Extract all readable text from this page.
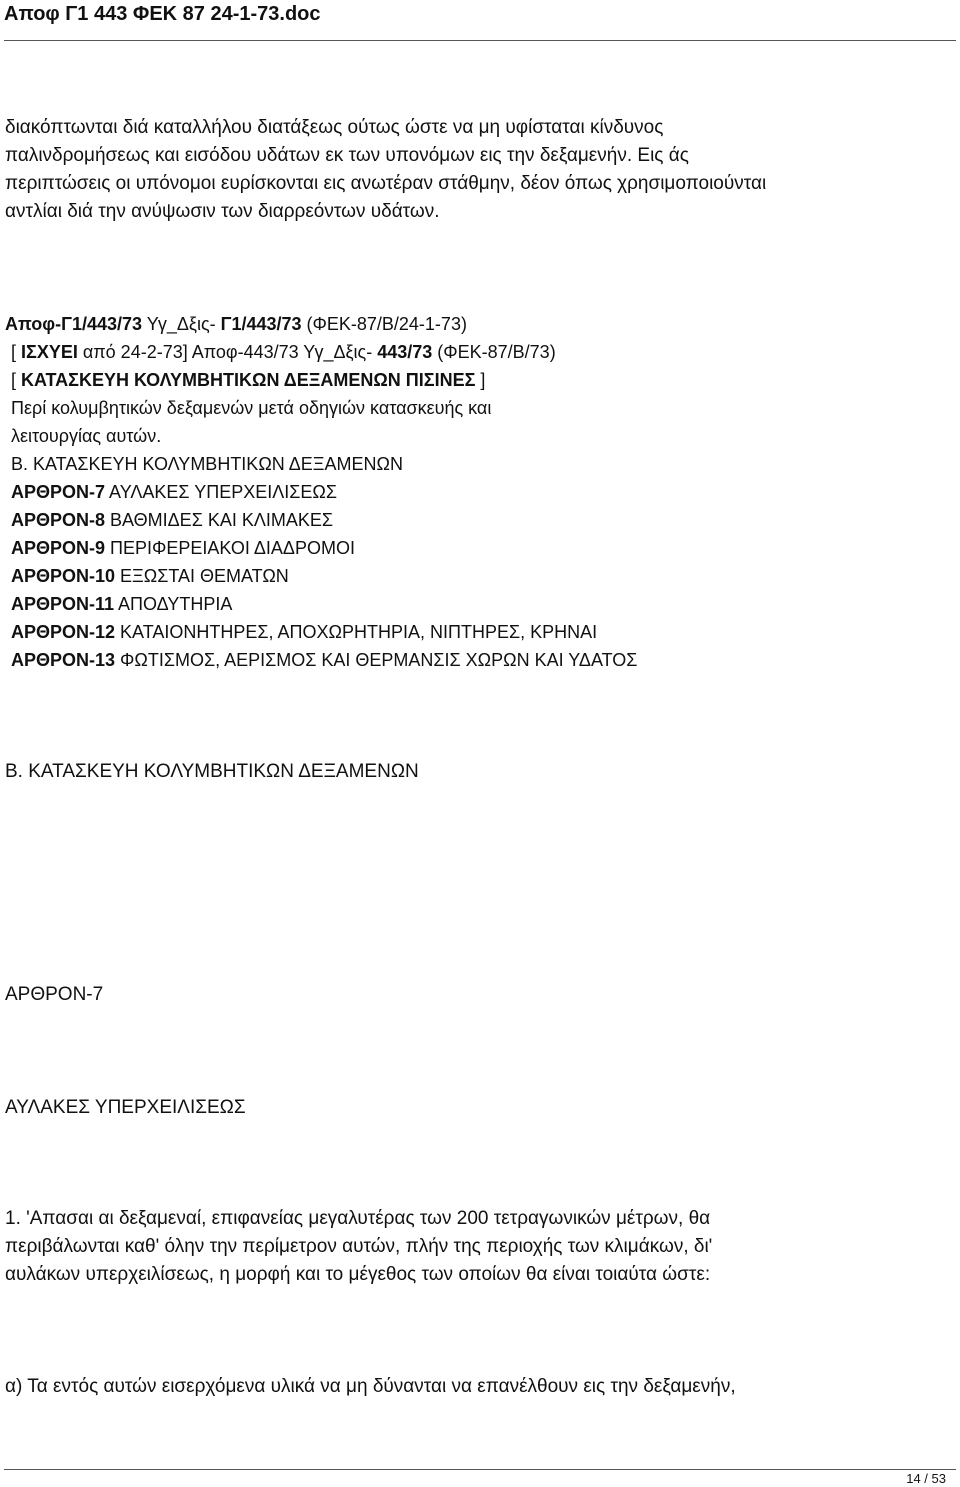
Αποφ Γ1 443 ΦΕΚ 87 24-1-73.doc
διακόπτωνται διά καταλλήλου διατάξεως ούτως ώστε να μη υφίσταται κίνδυνος
παλινδρομήσεως και εισόδου υδάτων εκ των υπονόμων εις την δεξαμενήν. Εις άς
περιπτώσεις οι υπόνομοι ευρίσκονται εις ανωτέραν στάθμην, δέον όπως χρησιμοποιούνται
αντλίαι διά την ανύψωσιν των διαρρεόντων υδάτων.
Αποφ-Γ1/443/73 Υγ_Δξις- Γ1/443/73 (ΦΕΚ-87/Β/24-1-73)
[ ΙΣΧΥΕΙ από 24-2-73] Αποφ-443/73 Υγ_Δξις- 443/73 (ΦΕΚ-87/Β/73)
[ ΚΑΤΑΣΚΕΥΗ ΚΟΛΥΜΒΗΤΙΚΩΝ ΔΕΞΑΜΕΝΩΝ ΠΙΣΙΝΕΣ ]
Περί κολυμβητικών δεξαμενών μετά οδηγιών κατασκευής και
λειτουργίας αυτών.
Β. ΚΑΤΑΣΚΕΥΗ ΚΟΛΥΜΒΗΤΙΚΩΝ ΔΕΞΑΜΕΝΩΝ
ΑΡΘΡΟΝ-7 ΑΥΛΑΚΕΣ ΥΠΕΡΧΕΙΛΙΣΕΩΣ
ΑΡΘΡΟΝ-8 ΒΑΘΜΙΔΕΣ ΚΑΙ ΚΛΙΜΑΚΕΣ
ΑΡΘΡΟΝ-9 ΠΕΡΙΦΕΡΕΙΑΚΟΙ ΔΙΑΔΡΟΜΟΙ
ΑΡΘΡΟΝ-10 ΕΞΩΣΤΑΙ ΘΕΜΑΤΩΝ
ΑΡΘΡΟΝ-11 ΑΠΟΔΥΤΗΡΙΑ
ΑΡΘΡΟΝ-12 ΚΑΤΑΙΟΝΗΤΗΡΕΣ, ΑΠΟΧΩΡΗΤΗΡΙΑ, ΝΙΠΤΗΡΕΣ, ΚΡΗΝΑΙ
ΑΡΘΡΟΝ-13 ΦΩΤΙΣΜΟΣ, ΑΕΡΙΣΜΟΣ ΚΑΙ ΘΕΡΜΑΝΣΙΣ ΧΩΡΩΝ ΚΑΙ ΥΔΑΤΟΣ
Β. ΚΑΤΑΣΚΕΥΗ ΚΟΛΥΜΒΗΤΙΚΩΝ ΔΕΞΑΜΕΝΩΝ
ΑΡΘΡΟΝ-7
ΑΥΛΑΚΕΣ ΥΠΕΡΧΕΙΛΙΣΕΩΣ
1. 'Απασαι αι δεξαμεναί, επιφανείας μεγαλυτέρας των 200 τετραγωνικών μέτρων, θα
περιβάλωνται καθ' όλην την περίμετρον αυτών, πλήν της περιοχής των κλιμάκων, δι'
αυλάκων υπερχειλίσεως, η μορφή και το μέγεθος των οποίων θα είναι τοιαύτα ώστε:
α) Τα εντός αυτών εισερχόμενα υλικά να μη δύνανται να επανέλθουν εις την δεξαμενήν,
14 / 53
